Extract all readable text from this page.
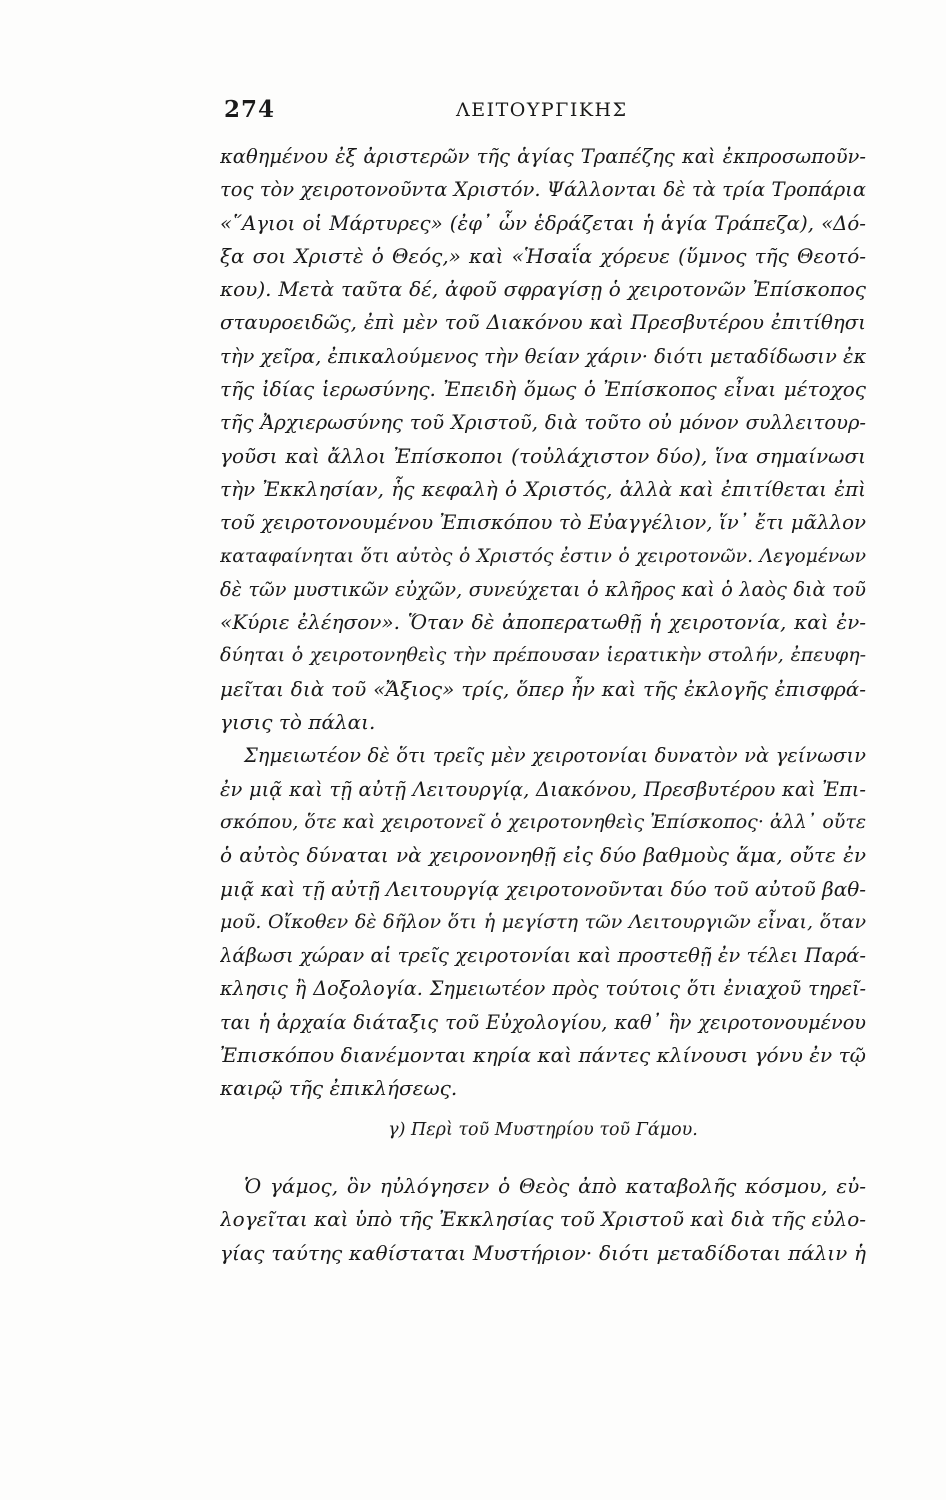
274	ΛΕΙΤΟΥΡΓΙΚΗΣ
καθημένου ἐξ ἀριστερῶν τῆς ἁγίας Τραπέζης καὶ ἐκπροσωποῦν-
τος τὸν χειροτονοῦντα Χριστόν. Ψάλλονται δὲ τὰ τρία Τροπάρια
«῞Αγιοι οἱ Μάρτυρες» (ἐφ᾿ ὧν ἑδράζεται ἡ ἁγία Τράπεζα), «Δό-
ξα σοι Χριστὲ ὁ Θεός,» καὶ «Ἡσαΐα χόρευε (ὕμνος τῆς Θεοτό-
κου). Μετὰ ταῦτα δέ, ἀφοῦ σφραγίσῃ ὁ χειροτονῶν Ἐπίσκοπος
σταυροειδῶς, ἐπὶ μὲν τοῦ Διακόνου καὶ Πρεσβυτέρου ἐπιτίθησι
τὴν χεῖρα, ἐπικαλούμενος τὴν θείαν χάριν· διότι μεταδίδωσιν ἐκ
τῆς ἰδίας ἱερωσύνης. Ἐπειδὴ ὅμως ὁ Ἐπίσκοπος εἶναι μέτοχος
τῆς Ἀρχιερωσύνης τοῦ Χριστοῦ, διὰ τοῦτο οὐ μόνον συλλειτουρ-
γοῦσι καὶ ἄλλοι Ἐπίσκοποι (τοὐλάχιστον δύο), ἵνα σημαίνωσι
τὴν Ἐκκλησίαν, ἧς κεφαλὴ ὁ Χριστός, ἀλλὰ καὶ ἐπιτίθεται ἐπὶ
τοῦ χειροτονουμένου Ἐπισκόπου τὸ Εὐαγγέλιον, ἵν᾿ ἔτι μᾶλλον
καταφαίνηται ὅτι αὐτὸς ὁ Χριστός ἐστιν ὁ χειροτονῶν. Λεγομένων
δὲ τῶν μυστικῶν εὐχῶν, συνεύχεται ὁ κλῆρος καὶ ὁ λαὸς διὰ τοῦ
«Κύριε ἐλέησον». Ὅταν δὲ ἀποπερατωθῇ ἡ χειροτονία, καὶ ἐν-
δύηται ὁ χειροτονηθεὶς τὴν πρέπουσαν ἱερατικὴν στολήν, ἐπευφη-
μεῖται διὰ τοῦ «Ἄξιος» τρίς, ὅπερ ἦν καὶ τῆς ἐκλογῆς ἐπισφρά-
γισις τὸ πάλαι.
Σημειωτέον δὲ ὅτι τρεῖς μὲν χειροτονίαι δυνατὸν νὰ γείνωσιν
ἐν μιᾷ καὶ τῇ αὐτῇ Λειτουργίᾳ, Διακόνου, Πρεσβυτέρου καὶ Ἐπι-
σκόπου, ὅτε καὶ χειροτονεῖ ὁ χειροτονηθεὶς Ἐπίσκοπος· ἀλλ᾿ οὔτε
ὁ αὐτὸς δύναται νὰ χειρονονηθῇ εἰς δύο βαθμοὺς ἅμα, οὔτε ἐν
μιᾷ καὶ τῇ αὐτῇ Λειτουργίᾳ χειροτονοῦνται δύο τοῦ αὐτοῦ βαθ-
μοῦ. Οἴκοθεν δὲ δῆλον ὅτι ἡ μεγίστη τῶν Λειτουργιῶν εἶναι, ὅταν
λάβωσι χώραν αἱ τρεῖς χειροτονίαι καὶ προστεθῇ ἐν τέλει Παρά-
κλησις ἢ Δοξολογία. Σημειωτέον πρὸς τούτοις ὅτι ἐνιαχοῦ τηρεῖ-
ται ἡ ἀρχαία διάταξις τοῦ Εὐχολογίου, καθ᾿ ἣν χειροτονουμένου
Ἐπισκόπου διανέμονται κηρία καὶ πάντες κλίνουσι γόνυ ἐν τῷ
καιρῷ τῆς ἐπικλήσεως.
γ) Περὶ τοῦ Μυστηρίου τοῦ Γάμου.
Ὁ γάμος, ὃν ηὐλόγησεν ὁ Θεὸς ἀπὸ καταβολῆς κόσμου, εὐ-
λογεῖται καὶ ὑπὸ τῆς Ἐκκλησίας τοῦ Χριστοῦ καὶ διὰ τῆς εὐλο-
γίας ταύτης καθίσταται Μυστήριον· διότι μεταδίδοται πάλιν ἡ
